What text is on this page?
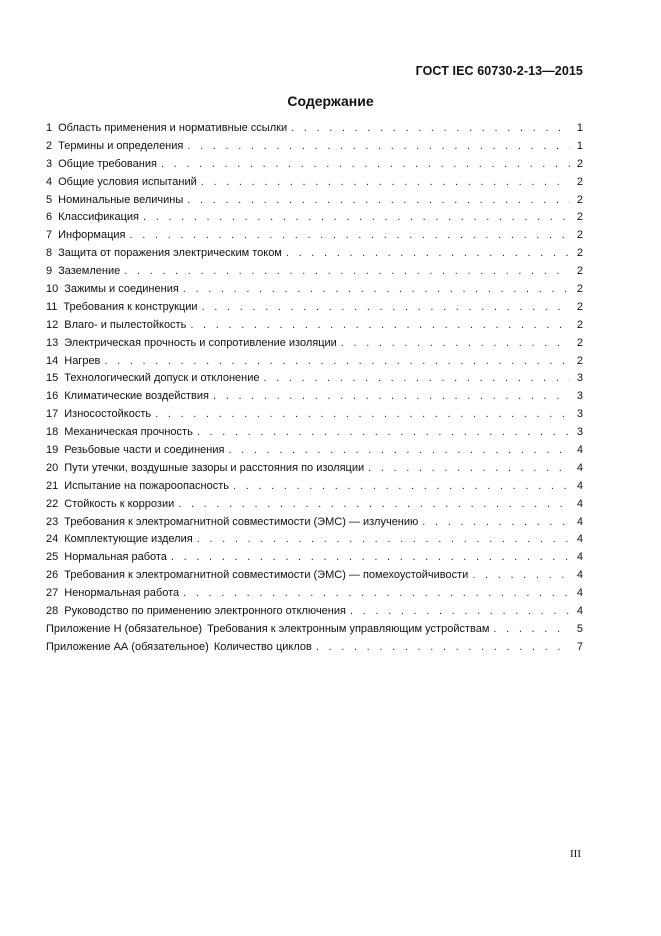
ГОСТ IEC 60730-2-13—2015
Содержание
1 Область применения и нормативные ссылки . . .	1
2 Термины и определения . . .	1
3 Общие требования . . .	2
4 Общие условия испытаний . . .	2
5 Номинальные величины . . .	2
6 Классификация . . .	2
7 Информация . . .	2
8 Защита от поражения электрическим током . . .	2
9 Заземление . . .	2
10 Зажимы и соединения . . .	2
11 Требования к конструкции . . .	2
12 Влаго- и пылестойкость . . .	2
13 Электрическая прочность и сопротивление изоляции . . .	2
14 Нагрев . . .	2
15 Технологический допуск и отклонение . . .	3
16 Климатические воздействия . . .	3
17 Износостойкость . . .	3
18 Механическая прочность . . .	3
19 Резьбовые части и соединения . . .	4
20 Пути утечки, воздушные зазоры и расстояния по изоляции . . .	4
21 Испытание на пожароопасность . . .	4
22 Стойкость к коррозии . . .	4
23 Требования к электромагнитной совместимости (ЭМС) — излучению . . .	4
24 Комплектующие изделия . . .	4
25 Нормальная работа . . .	4
26 Требования к электромагнитной совместимости (ЭМС) — помехоустойчивости . . .	4
27 Ненормальная работа . . .	4
28 Руководство по применению электронного отключения . . .	4
Приложение Н (обязательное) Требования к электронным управляющим устройствам . . .	5
Приложение АА (обязательное) Количество циклов . . .	7
III
